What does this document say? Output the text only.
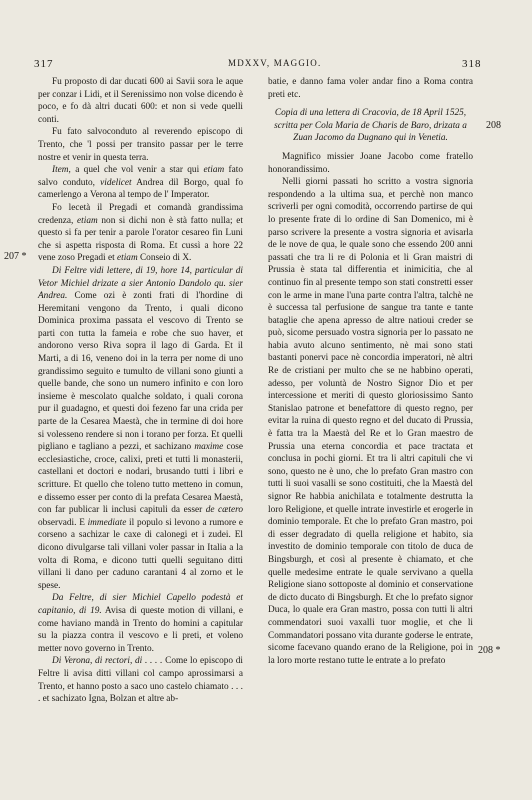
317	MDXXV, MAGGIO.	318
207 *
208
208 *

Fu proposto di dar ducati 600 ai Savii sora le aque per conzar i Lidi, et il Serenissimo non volse dicendo è poco, e fo dà altri ducati 600: et non si vede quelli conti.

Fu fato salvoconduto al reverendo episcopo di Trento, che 'l possi per transito passar per le terre nostre et venir in questa terra.

Item, a quel che vol venir a star qui etiam fato salvo conduto, videlicet Andrea dil Borgo, qual fo camerlengo a Verona al tempo de l' Imperator.

Fo lecetà il Pregadi et comandà grandissima credenza, etiam non si dichi non è stà fatto nulla; et questo si fa per tenir a parole l'orator cesareo fin Luni che si aspetta risposta di Roma. Et cussì a hore 22 vene zoso Pregadi et etiam Conseio di X.

Di Feltre vidi lettere, di 19, hore 14, particular di Vetor Michiel drizate a sier Antonio Dandolo qu. sier Andrea. Come ozi è zonti frati di l'hordine di Heremitani vengono da Trento, i quali dicono Dominica proxima passata el vescovo di Trento se parti con tutta la fameia e robe che suo haver, et andorono verso Riva sopra il lago di Garda. Et il Marti, a di 16, veneno doi in la terra per nome di uno grandissimo seguito e tumulto de villani sono giunti a quelle bande, che sono un numero infinito e con loro insieme è mescolato qualche soldato, i quali corona pur il guadagno, et questi doi fezeno far una crida per parte de la Cesarea Maestà, che in termine di doi hore si volesseno rendere si non i torano per forza. Et quelli pigliano e tagliano a pezzi, et sachizano maxime cose ecclesiastiche, croce, calixi, preti et tutti li monasterii, castellani et doctori e nodari, brusando tutti i libri e scritture. Et quello che toleno tutto metteno in comun, e dissemo esser per conto di la prefata Cesarea Maestà, con far publicar li inclusi capituli da esser de cætero observadi. E immediate il populo si levono a rumore e corseno a sachizar le caxe di calonegi et i zudei. El dicono divulgarse tali villani voler passar in Italia a la volta di Roma, e dicono tutti quelli seguitano ditti villani li dano per caduno carantani 4 al zorno et le spese.

Da Feltre, di sier Michiel Capello podestà et capitanio, di 19. Avisa di queste motion di villani, e come haviano mandà in Trento do homini a capitular su la piazza contra il vescovo e li preti, et voleno metter novo governo in Trento.

Di Verona, di rectori, di . . . . Come lo episcopo di Feltre li avisa ditti villani col campo aprossimarsi a Trento, et hanno posto a saco uno castelo chiamato . . . . et sachizato Igna, Bolzan et altre ab-

batie, e danno fama voler andar fino a Roma contra preti etc.

Copia di una lettera di Cracovia, de 18 April 1525, scritta per Cola Maria de Charis de Baro, drizata a Zuan Jacomo da Dugnano qui in Venetia.

Magnifico missier Joane Jacobo come fratello honorandissimo.

Nelli giorni passati ho scritto a vostra signoria respondendo a la ultima sua, et perchè non manco scriverli per ogni comodità, occorrendo partirse de qui lo presente frate di lo ordine di San Domenico, mi è parso scrivere la presente a vostra signoria et avisarla de le nove de qua, le quale sono che essendo 200 anni passati che tra li re di Polonia et li Gran maistri di Prussia è stata tal differentia et inimicitia, che al continuo fin al presente tempo son stati constretti esser con le arme in mane l'una parte contra l'altra, talchè ne è successa tal perfusione de sangue tra tante e tante bataglie che apena apresso de altre natioui creder se può, sicome persuado vostra signoria per lo passato ne habia avuto alcuno sentimento, nè mai sono stati bastanti ponervi pace nè concordia imperatori, nè altri Re de cristiani per multo che se ne habbino operati, adesso, per voluntà de Nostro Signor Dio et per intercessione et meriti di questo gloriosissimo Santo Stanislao patrone et benefattore di questo regno, per evitar la ruina di questo regno et del ducato di Prussia, è fatta tra la Maestà del Re et lo Gran maestro de Prussia una eterna concordia et pace tractata et conclusa in pochi giorni. Et tra li altri capituli che vi sono, questo ne è uno, che lo prefato Gran mastro con tutti li suoi vasalli se sono costituiti, che la Maestà del signor Re habbia anichilata e totalmente destrutta la loro Religione, et quelle intrate investirle et erogerle in dominio temporale. Et che lo prefato Gran mastro, poi di esser degradato di quella religione et habito, sia investito de dominio temporale con titolo de duca de Bingsburgh, et così al presente è chiamato, et che quelle medesime entrate le quale servivano a quella Religione siano sottoposte al dominio et conservatione de dicto ducato di Bingsburgh. Et che lo prefato signor Duca, lo quale era Gran mastro, possa con tutti li altri commendatori suoi vaxalli tuor moglie, et che li Commandatori possano vita durante goderse le entrate, sicome facevano quando erano de la Religione, poi in la loro morte restano tutte le entrate a lo prefato
